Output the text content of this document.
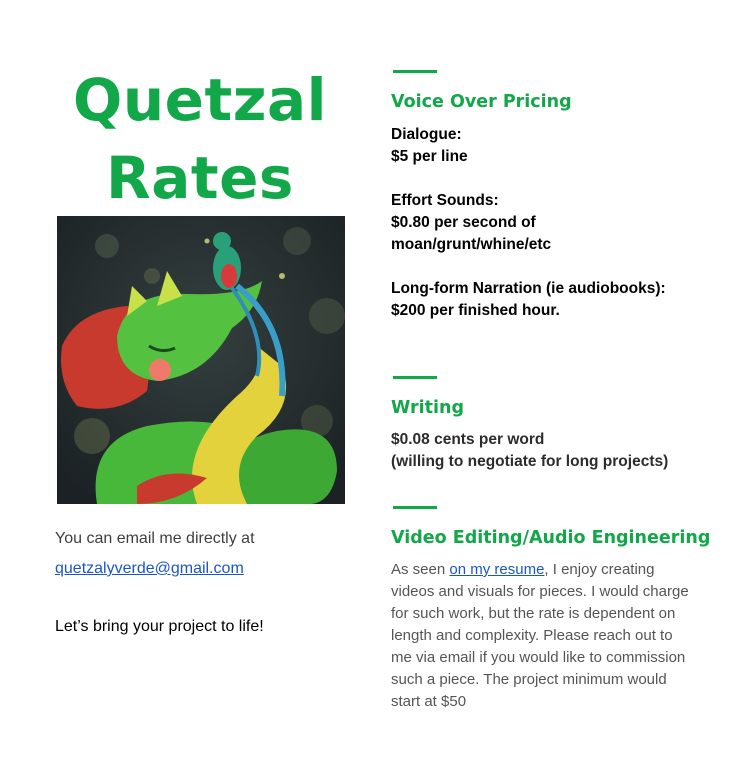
Quetzal
Rates
You can email me directly at
quetzalyverde@gmail.com
Let’s bring your project to life!
Voice Over Pricing
Dialogue:
$5 per line
Effort Sounds:
$0.80 per second of
moan/grunt/whine/etc
Long-form Narration (ie audiobooks):
$200 per finished hour.
Writing
$0.08 cents per word
(willing to negotiate for long projects)
Video Editing/Audio Engineering
As seen on my resume, I enjoy creating videos and visuals for pieces. I would charge for such work, but the rate is dependent on length and complexity. Please reach out to me via email if you would like to commission such a piece. The project minimum would start at $50
